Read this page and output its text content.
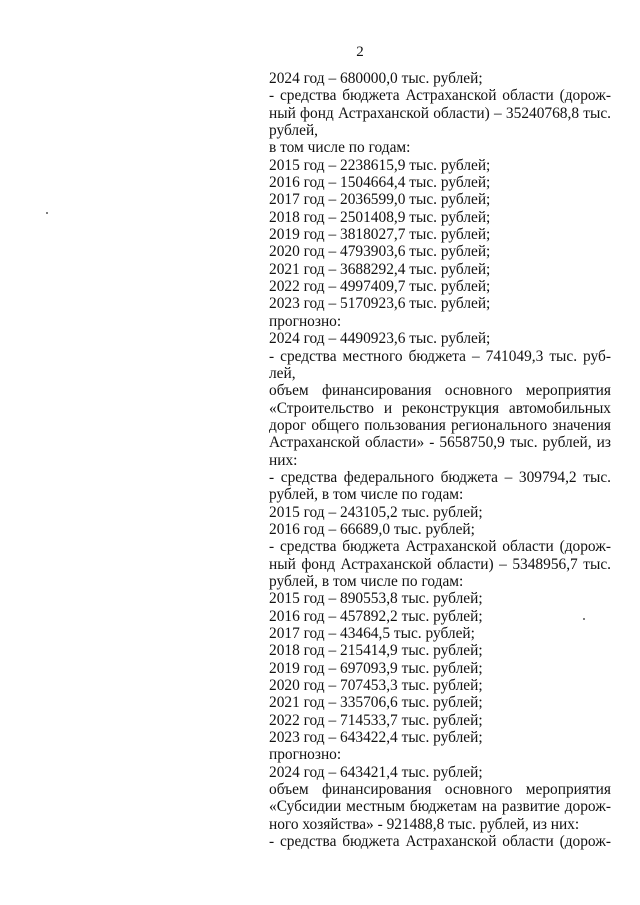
2
2024 год – 680000,0 тыс. рублей;
- средства бюджета Астраханской области (дорож-
ный фонд Астраханской области) – 35240768,8 тыс.
рублей,
в том числе по годам:
2015 год – 2238615,9 тыс. рублей;
2016 год – 1504664,4 тыс. рублей;
2017 год – 2036599,0 тыс. рублей;
2018 год – 2501408,9 тыс. рублей;
2019 год – 3818027,7 тыс. рублей;
2020 год – 4793903,6 тыс. рублей;
2021 год – 3688292,4 тыс. рублей;
2022 год – 4997409,7 тыс. рублей;
2023 год – 5170923,6 тыс. рублей;
прогнозно:
2024 год – 4490923,6 тыс. рублей;
- средства местного бюджета – 741049,3 тыс. руб-
лей,
объем финансирования основного мероприятия
«Строительство и реконструкция автомобильных
дорог общего пользования регионального значения
Астраханской области» - 5658750,9 тыс. рублей, из
них:
- средства федерального бюджета – 309794,2 тыс.
рублей, в том числе по годам:
2015 год – 243105,2 тыс. рублей;
2016 год – 66689,0 тыс. рублей;
- средства бюджета Астраханской области (дорож-
ный фонд Астраханской области) – 5348956,7 тыс.
рублей, в том числе по годам:
2015 год – 890553,8 тыс. рублей;
2016 год – 457892,2 тыс. рублей;
2017 год – 43464,5 тыс. рублей;
2018 год – 215414,9 тыс. рублей;
2019 год – 697093,9 тыс. рублей;
2020 год – 707453,3 тыс. рублей;
2021 год – 335706,6 тыс. рублей;
2022 год – 714533,7 тыс. рублей;
2023 год – 643422,4 тыс. рублей;
прогнозно:
2024 год – 643421,4 тыс. рублей;
объем финансирования основного мероприятия
«Субсидии местным бюджетам на развитие дорож-
ного хозяйства» - 921488,8 тыс. рублей, из них:
- средства бюджета Астраханской области (дорож-
